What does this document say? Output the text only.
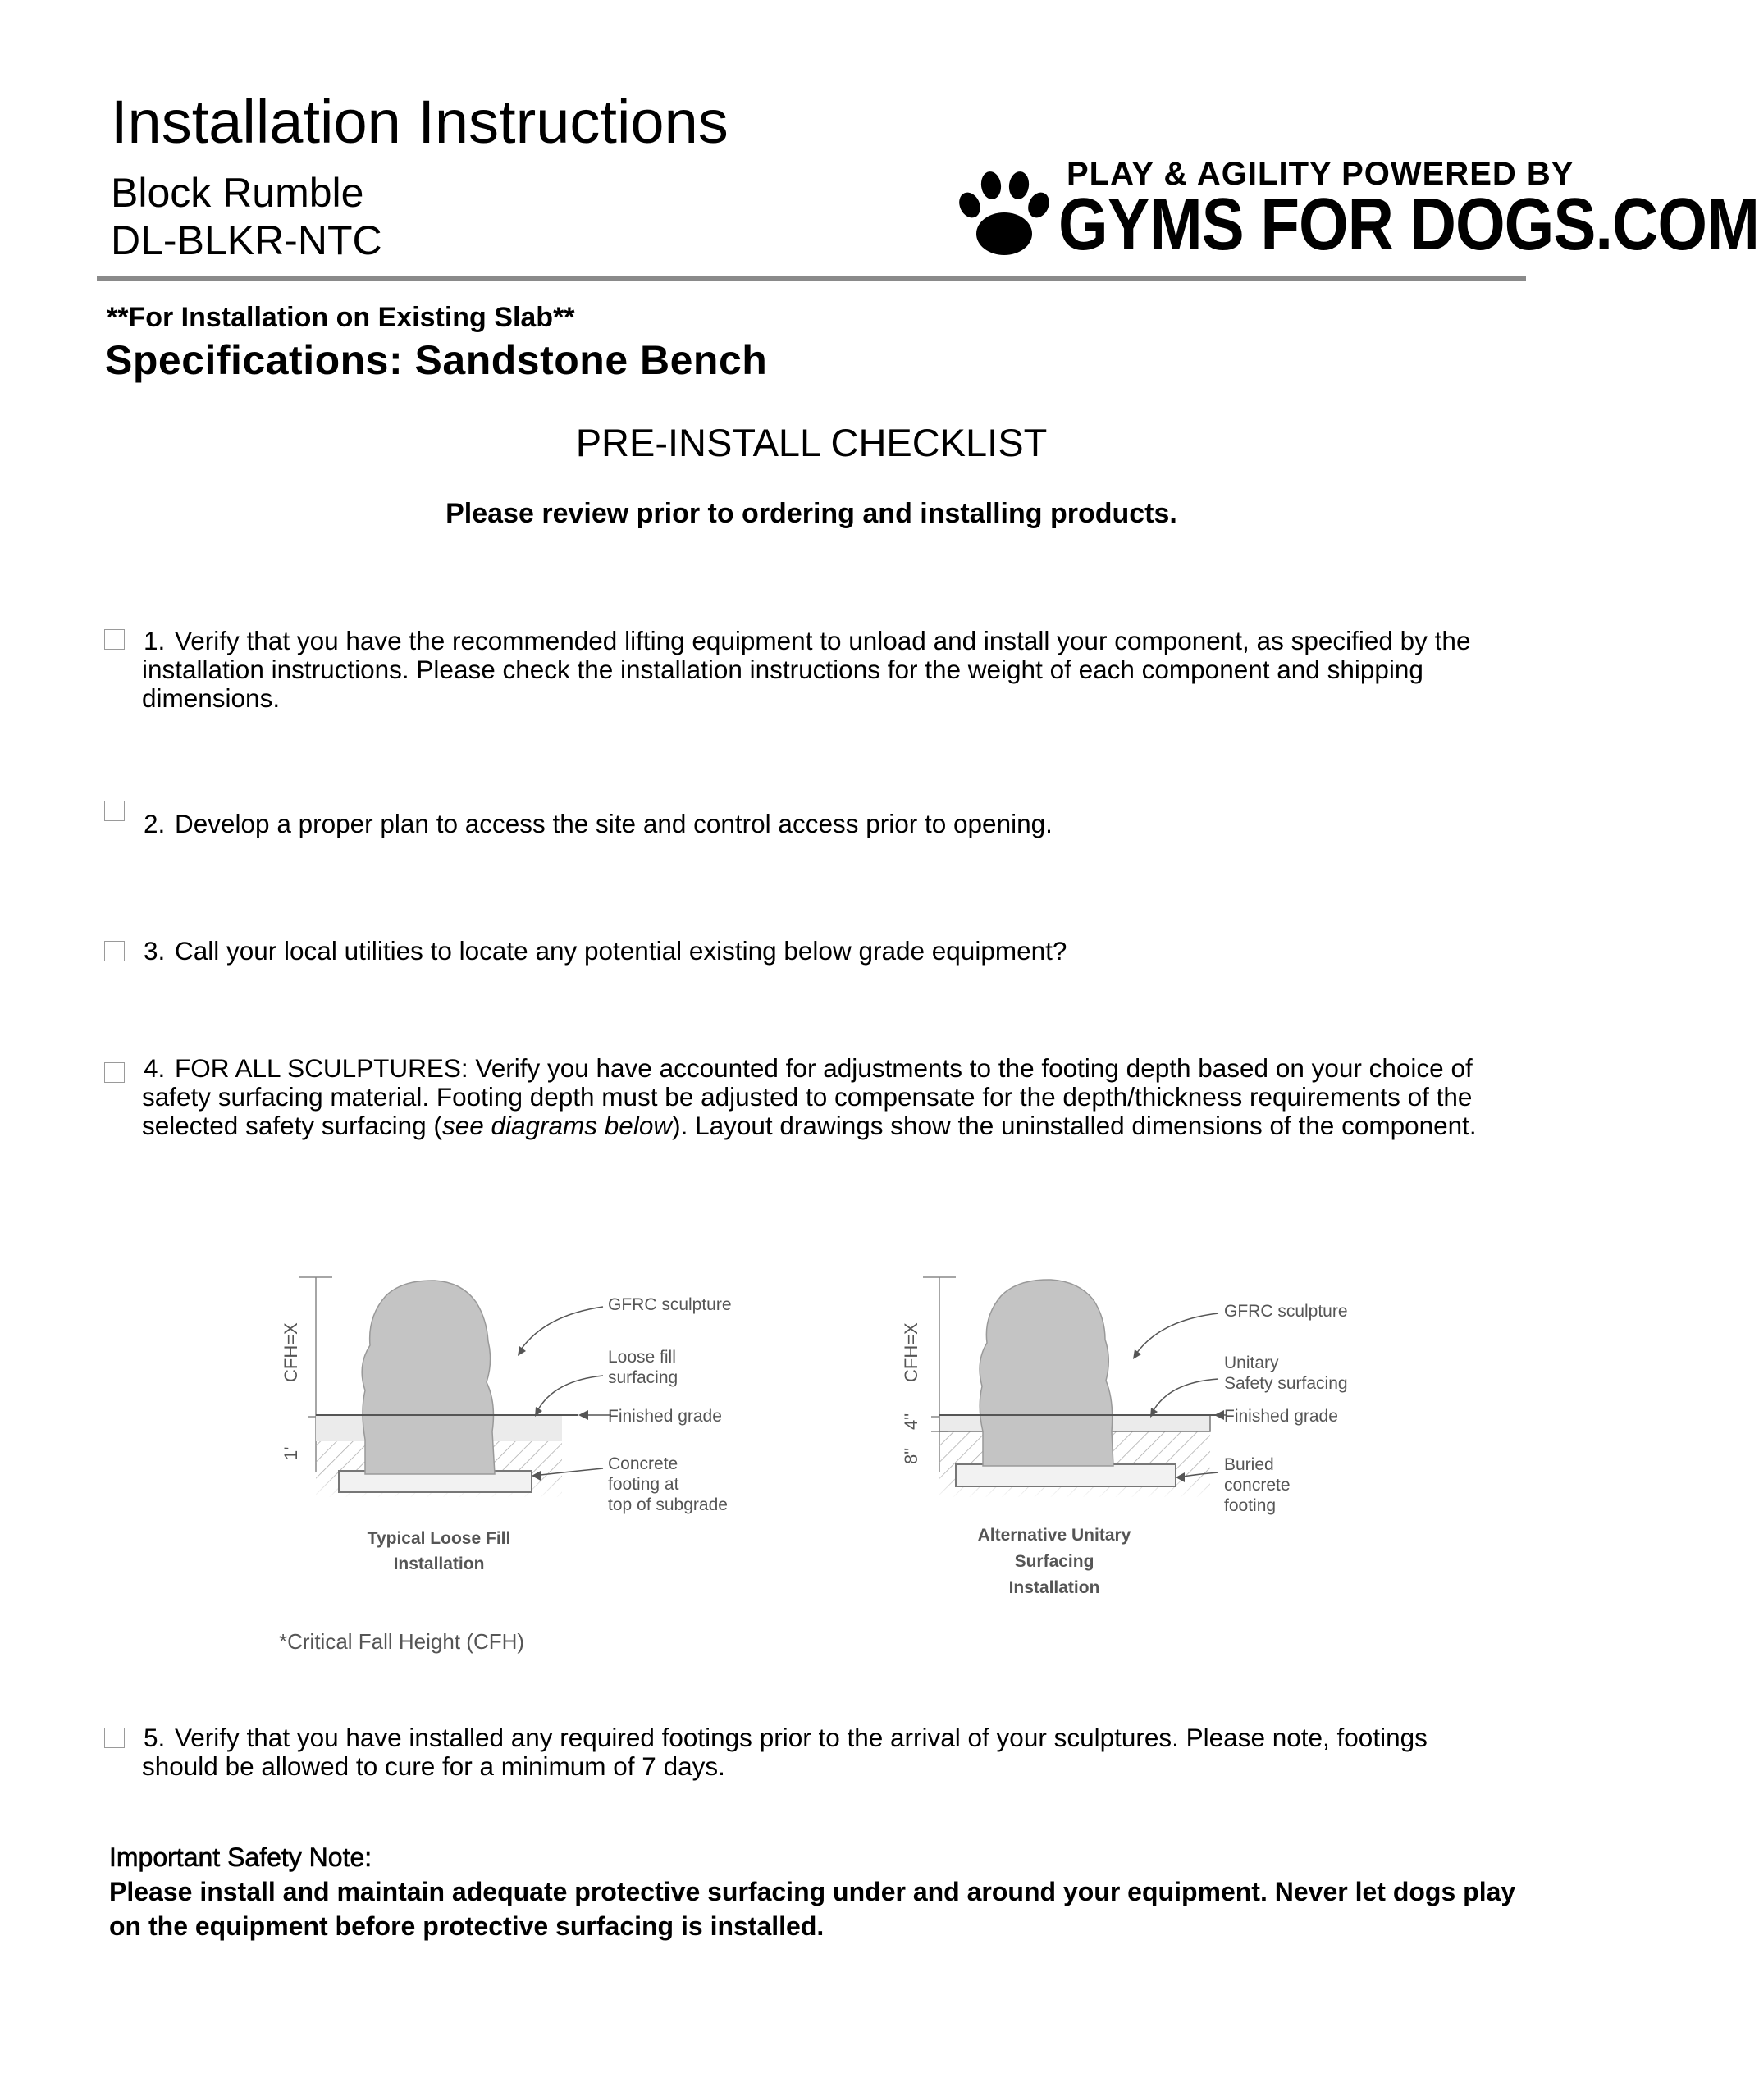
Installation Instructions
Block Rumble
DL-BLKR-NTC
PLAY & AGILITY POWERED BY
GYMS FOR DOGS.COM
**For Installation on Existing Slab**
Specifications: Sandstone Bench
PRE-INSTALL CHECKLIST
Please review prior to ordering and installing products.
1. Verify that you have the recommended lifting equipment to unload and install your component, as specified by the installation instructions. Please check the installation instructions for the weight of each component and shipping dimensions.
2. Develop a proper plan to access the site and control access prior to opening.
3. Call your local utilities to locate any potential existing below grade equipment?
4. FOR ALL SCULPTURES: Verify you have accounted for adjustments to the footing depth based on your choice of safety surfacing material. Footing depth must be adjusted to compensate for the depth/thickness requirements of the selected safety surfacing (see diagrams below). Layout drawings show the uninstalled dimensions of the component.
CFH=X
1'
GFRC sculpture
Loose fill
surfacing
Finished grade
Concrete
footing at
top of subgrade
Typical Loose Fill
Installation
CFH=X
4"
8"
GFRC sculpture
Unitary
Safety surfacing
Finished grade
Buried
concrete
footing
Alternative Unitary
Surfacing
Installation
*Critical Fall Height (CFH)
5. Verify that you have installed any required footings prior to the arrival of your sculptures. Please note, footings should be allowed to cure for a minimum of 7 days.
Important Safety Note:
Please install and maintain adequate protective surfacing under and around your equipment. Never let dogs play
on the equipment before protective surfacing is installed.
